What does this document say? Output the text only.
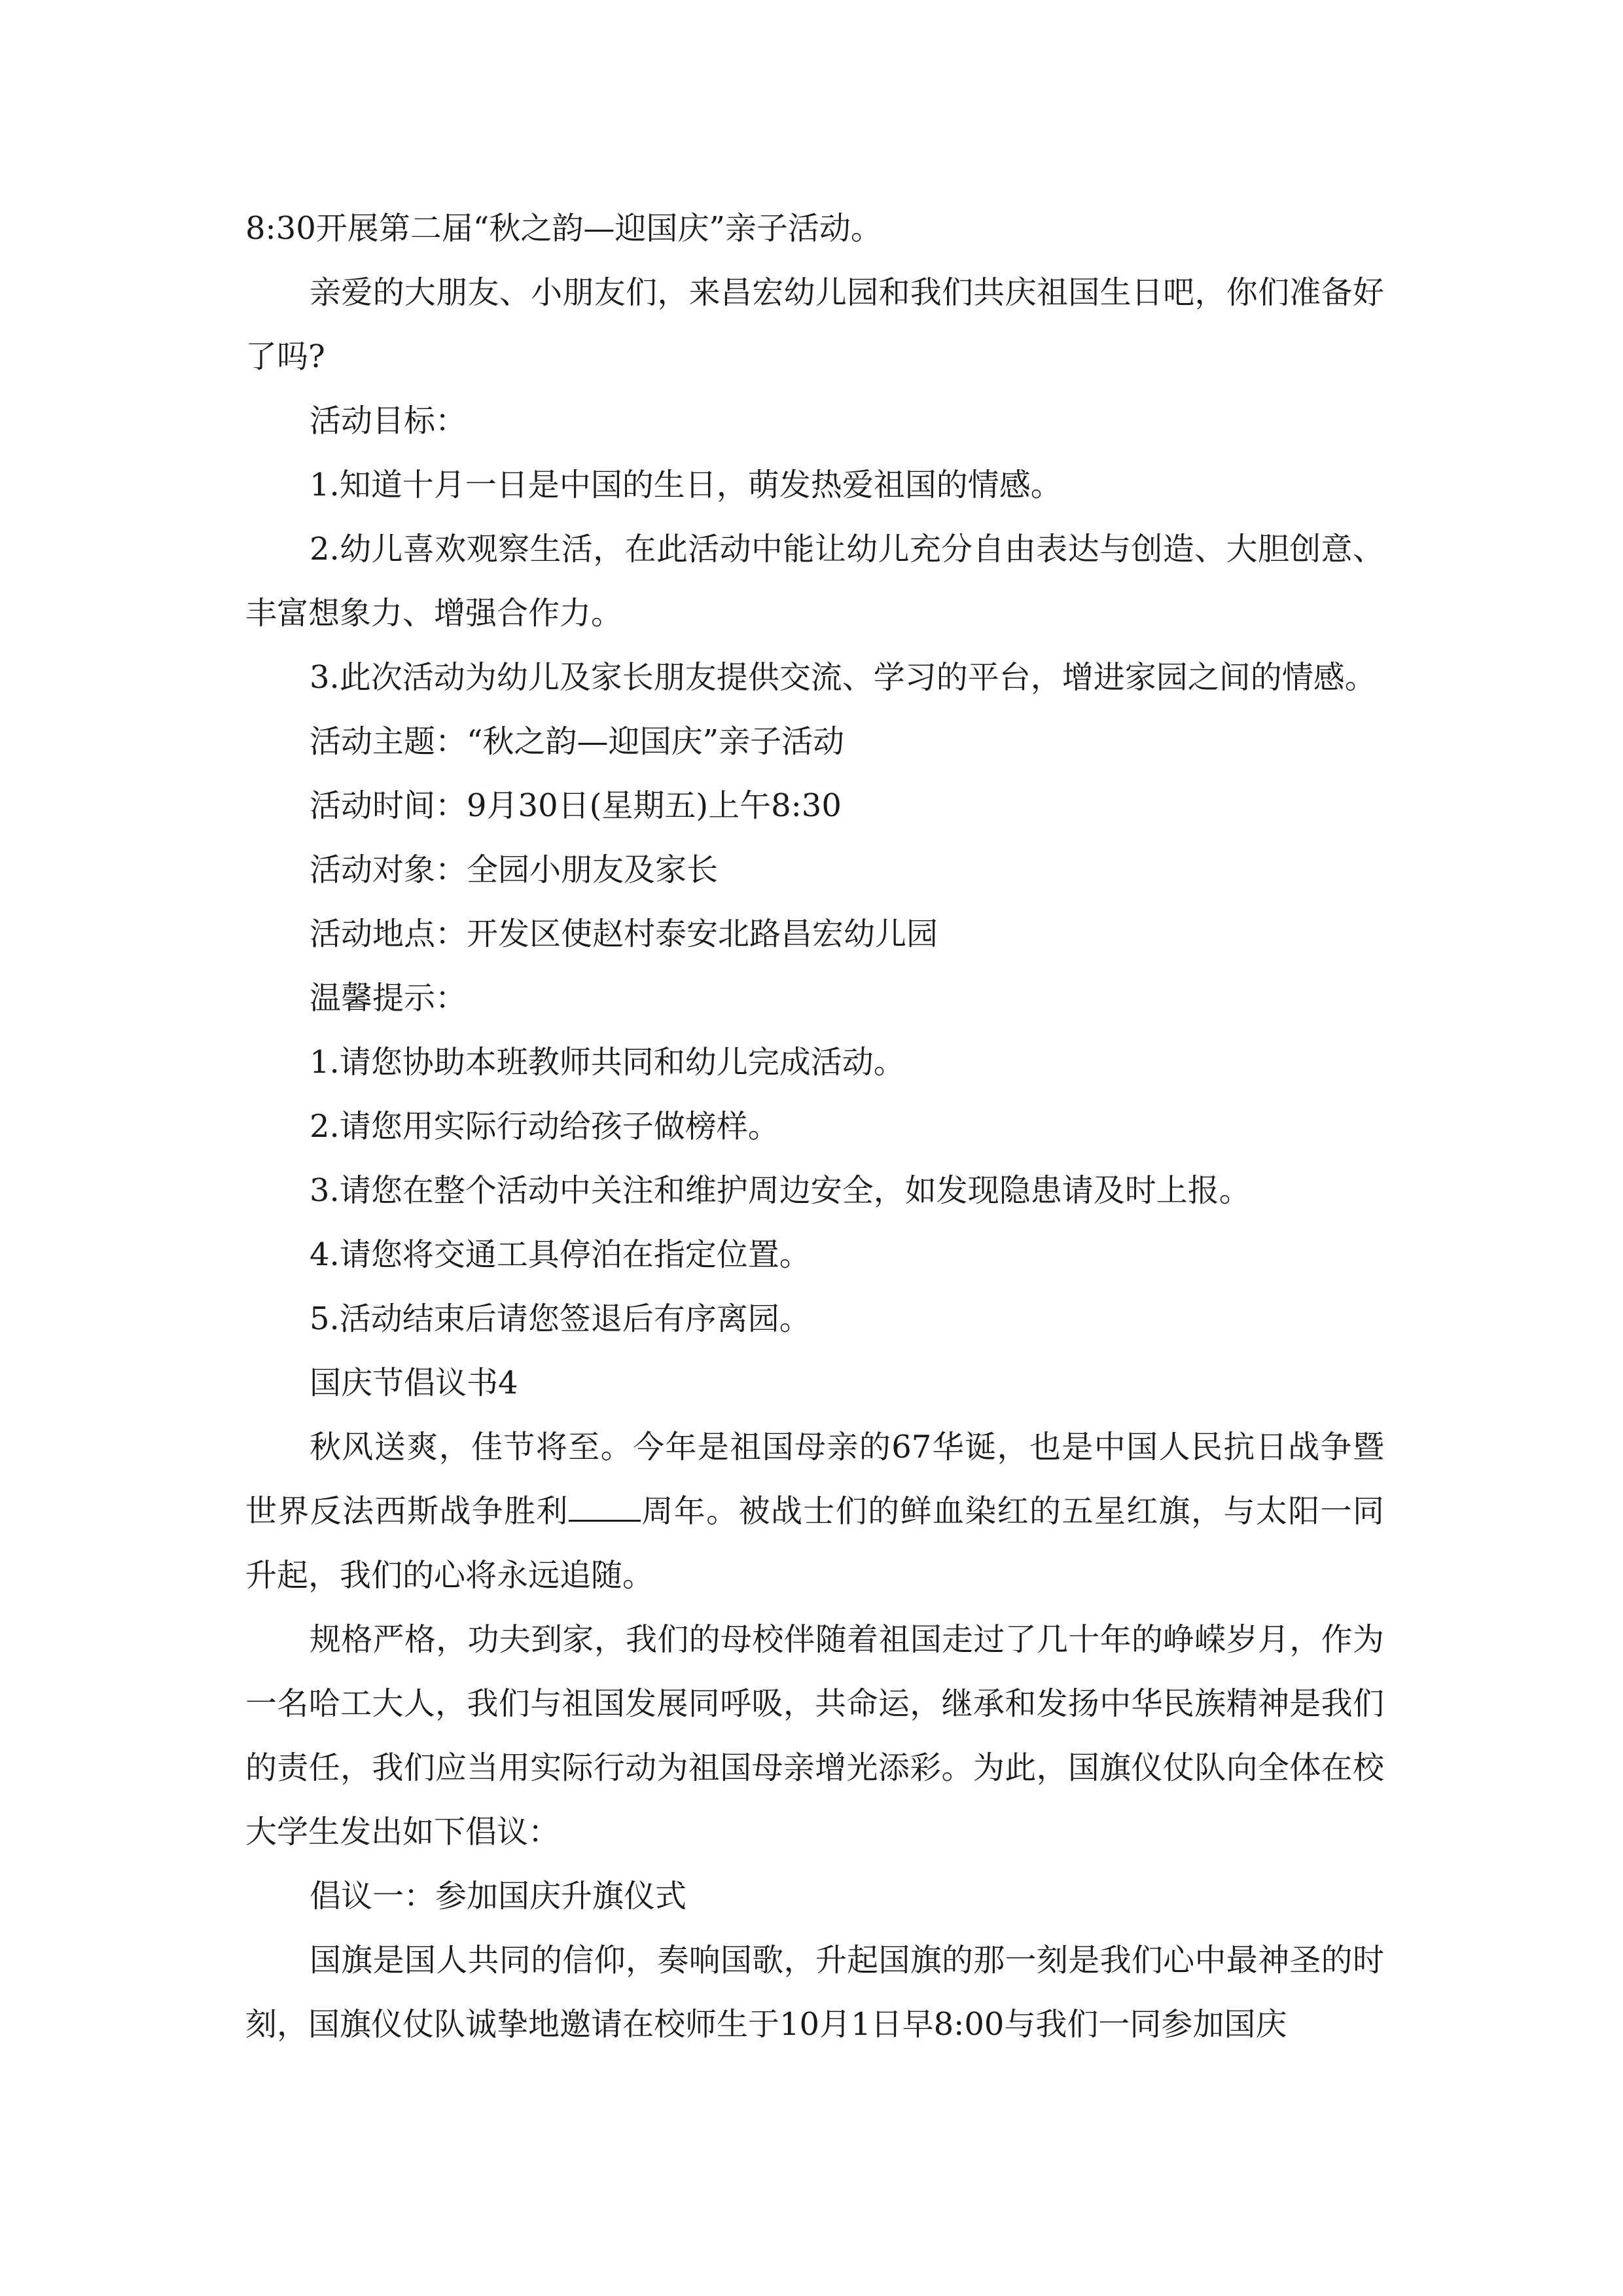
8:30开展第二届“秋之韵—迎国庆”亲子活动。

亲爱的大朋友、小朋友们，来昌宏幼儿园和我们共庆祖国生日吧，你们准备好了吗?

活动目标：

1.知道十月一日是中国的生日，萌发热爱祖国的情感。

2.幼儿喜欢观察生活，在此活动中能让幼儿充分自由表达与创造、大胆创意、丰富想象力、增强合作力。

3.此次活动为幼儿及家长朋友提供交流、学习的平台，增进家园之间的情感。

活动主题：“秋之韵—迎国庆”亲子活动

活动时间：9月30日(星期五)上午8:30

活动对象：全园小朋友及家长

活动地点：开发区使赵村泰安北路昌宏幼儿园

温馨提示：

1.请您协助本班教师共同和幼儿完成活动。

2.请您用实际行动给孩子做榜样。

3.请您在整个活动中关注和维护周边安全，如发现隐患请及时上报。

4.请您将交通工具停泊在指定位置。

5.活动结束后请您签退后有序离园。

国庆节倡议书4

秋风送爽，佳节将至。今年是祖国母亲的67华诞，也是中国人民抗日战争暨世界反法西斯战争胜利 周年。被战士们的鲜血染红的五星红旗，与太阳一同升起，我们的心将永远追随。

规格严格，功夫到家，我们的母校伴随着祖国走过了几十年的峥嵘岁月，作为一名哈工大人，我们与祖国发展同呼吸，共命运，继承和发扬中华民族精神是我们的责任，我们应当用实际行动为祖国母亲增光添彩。为此，国旗仪仗队向全体在校大学生发出如下倡议：

倡议一：参加国庆升旗仪式

国旗是国人共同的信仰，奏响国歌，升起国旗的那一刻是我们心中最神圣的时刻，国旗仪仗队诚挚地邀请在校师生于10月1日早8:00与我们一同参加国庆
